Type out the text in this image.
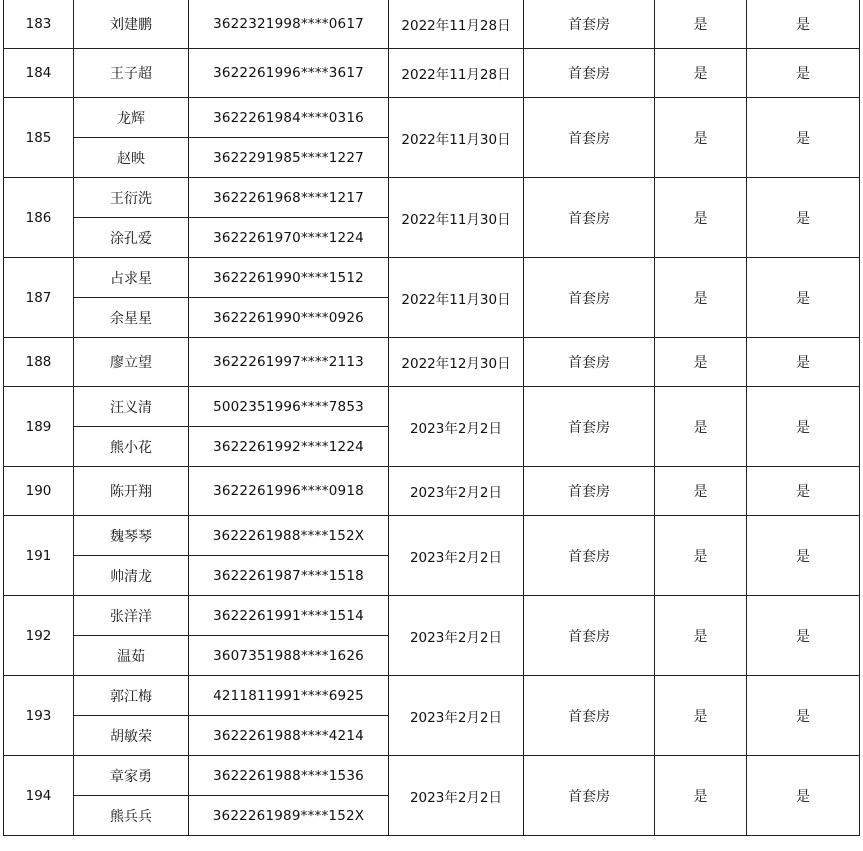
183	刘建鹏	3622321998****0617	2022年11月28日	首套房	是	是
184	王子超	3622261996****3617	2022年11月28日	首套房	是	是
185	龙辉	3622261984****0316	2022年11月30日	首套房	是	是
	赵映	3622291985****1227				
186	王衍洗	3622261968****1217	2022年11月30日	首套房	是	是
	涂孔爱	3622261970****1224				
187	占求星	3622261990****1512	2022年11月30日	首套房	是	是
	余星星	3622261990****0926				
188	廖立望	3622261997****2113	2022年12月30日	首套房	是	是
189	汪义清	5002351996****7853	2023年2月2日	首套房	是	是
	熊小花	3622261992****1224				
190	陈开翔	3622261996****0918	2023年2月2日	首套房	是	是
191	魏琴琴	3622261988****152X	2023年2月2日	首套房	是	是
	帅清龙	3622261987****1518				
192	张洋洋	3622261991****1514	2023年2月2日	首套房	是	是
	温茹	3607351988****1626				
193	郭江梅	4211811991****6925	2023年2月2日	首套房	是	是
	胡敏荣	3622261988****4214				
194	章家勇	3622261988****1536	2023年2月2日	首套房	是	是
	熊兵兵	3622261989****152X				
